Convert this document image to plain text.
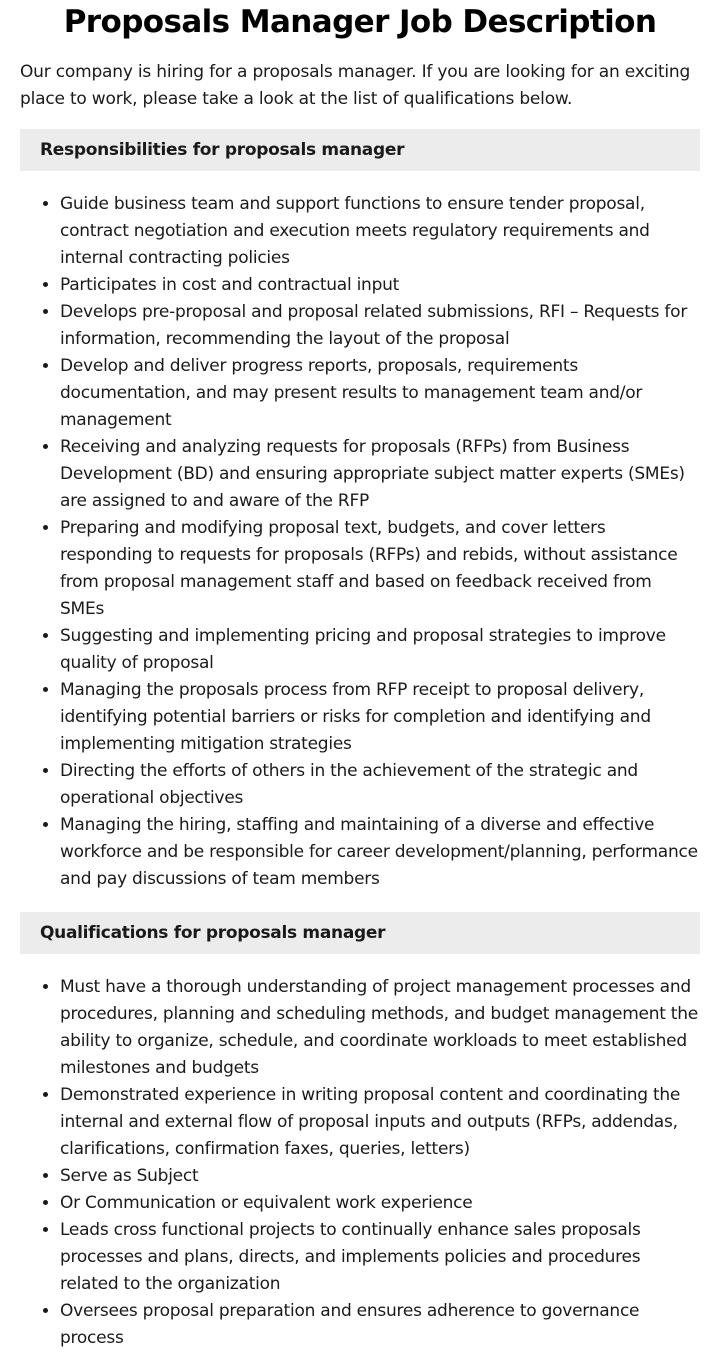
Proposals Manager Job Description

Our company is hiring for a proposals manager. If you are looking for an exciting place to work, please take a look at the list of qualifications below.

Responsibilities for proposals manager
• Guide business team and support functions to ensure tender proposal, contract negotiation and execution meets regulatory requirements and internal contracting policies
• Participates in cost and contractual input
• Develops pre-proposal and proposal related submissions, RFI – Requests for information, recommending the layout of the proposal
• Develop and deliver progress reports, proposals, requirements documentation, and may present results to management team and/or management
• Receiving and analyzing requests for proposals (RFPs) from Business Development (BD) and ensuring appropriate subject matter experts (SMEs) are assigned to and aware of the RFP
• Preparing and modifying proposal text, budgets, and cover letters responding to requests for proposals (RFPs) and rebids, without assistance from proposal management staff and based on feedback received from SMEs
• Suggesting and implementing pricing and proposal strategies to improve quality of proposal
• Managing the proposals process from RFP receipt to proposal delivery, identifying potential barriers or risks for completion and identifying and implementing mitigation strategies
• Directing the efforts of others in the achievement of the strategic and operational objectives
• Managing the hiring, staffing and maintaining of a diverse and effective workforce and be responsible for career development/planning, performance and pay discussions of team members
Qualifications for proposals manager
• Must have a thorough understanding of project management processes and procedures, planning and scheduling methods, and budget management the ability to organize, schedule, and coordinate workloads to meet established milestones and budgets
• Demonstrated experience in writing proposal content and coordinating the internal and external flow of proposal inputs and outputs (RFPs, addendas, clarifications, confirmation faxes, queries, letters)
• Serve as Subject
• Or Communication or equivalent work experience
• Leads cross functional projects to continually enhance sales proposals processes and plans, directs, and implements policies and procedures related to the organization
• Oversees proposal preparation and ensures adherence to governance process
